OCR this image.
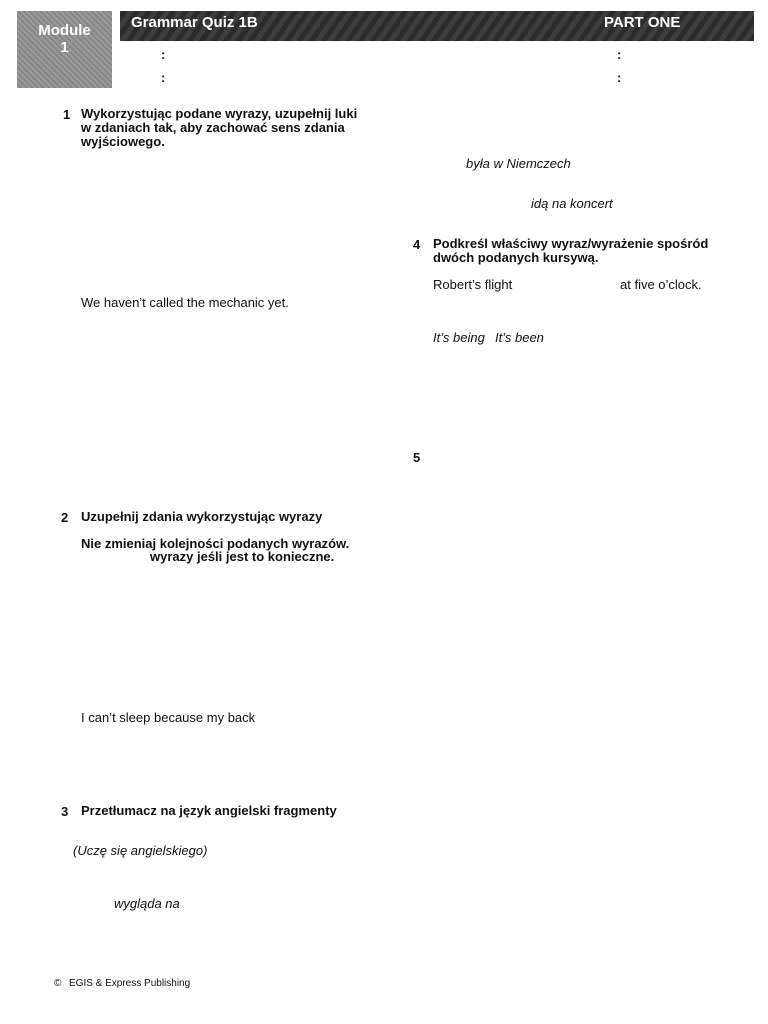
Module
1
Grammar Quiz 1B	PART ONE
:
:
:
:
1 Wykorzystując podane wyrazy, uzupełnij luki
w zdaniach tak, aby zachować sens zdania
wyjściowego.
We haven’t called the mechanic yet.
2 Uzupełnij zdania wykorzystując wyrazy
Nie zmieniaj kolejności podanych wyrazów.
wyrazy jeśli jest to konieczne.
I can’t sleep because my back
3 Przetłumacz na język angielski fragmenty
(Uczę się angielskiego)
wygląda na
była w Niemczech
idą na koncert
4 Podkreśl właściwy wyraz/wyrażenie spośród
dwóch podanych kursywą.
Robert’s flight	at five o’clock.
It’s being It’s been
5
© EGIS & Express Publishing
